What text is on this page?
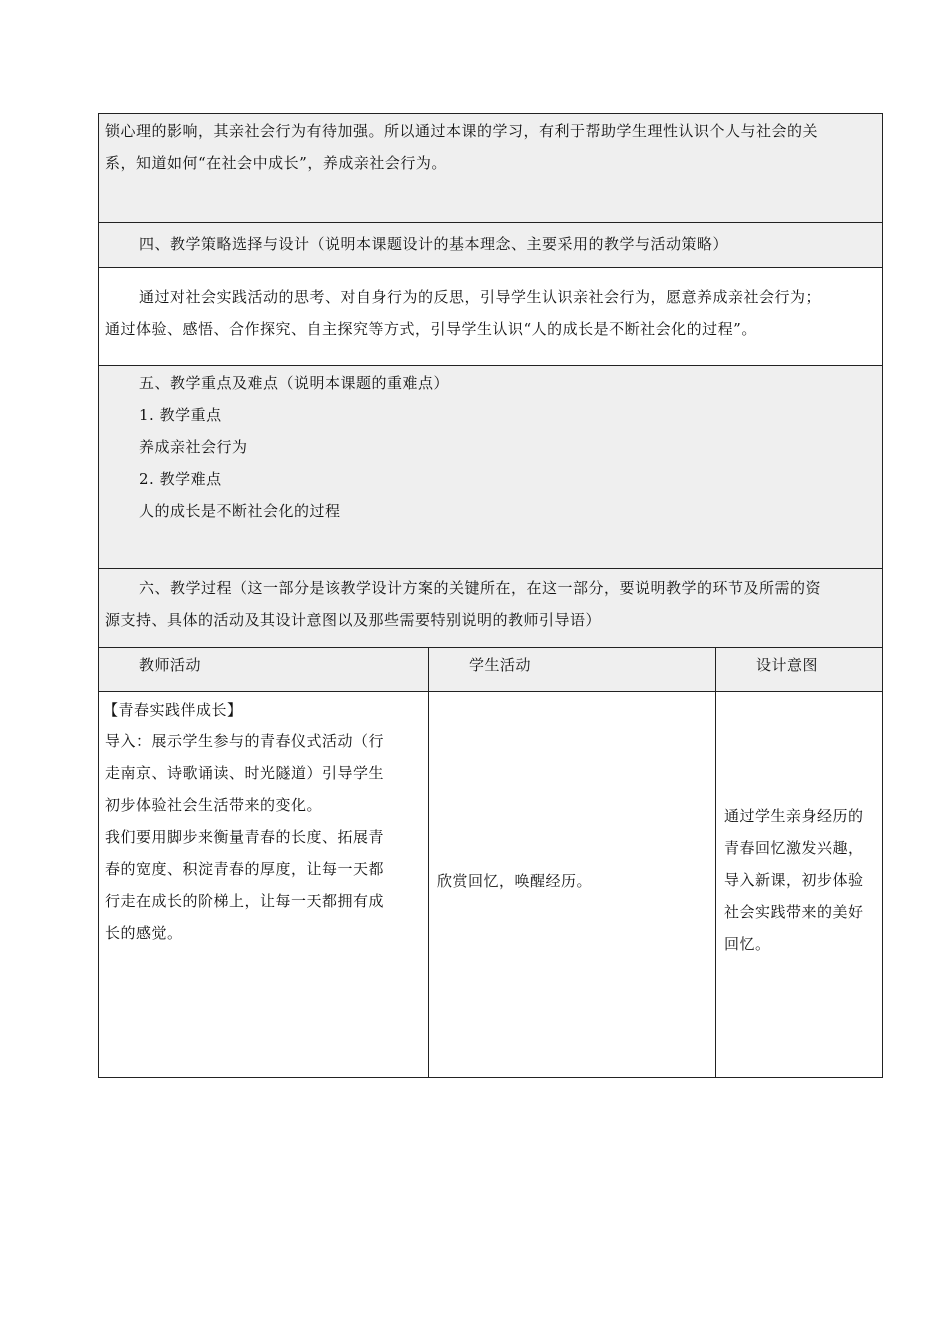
锁心理的影响，其亲社会行为有待加强。所以通过本课的学习，有利于帮助学生理性认识个人与社会的关
系，知道如何“在社会中成长”，养成亲社会行为。
四、教学策略选择与设计（说明本课题设计的基本理念、主要采用的教学与活动策略）
通过对社会实践活动的思考、对自身行为的反思，引导学生认识亲社会行为，愿意养成亲社会行为；
通过体验、感悟、合作探究、自主探究等方式，引导学生认识“人的成长是不断社会化的过程”。
五、教学重点及难点（说明本课题的重难点）
1. 教学重点
养成亲社会行为
2. 教学难点
人的成长是不断社会化的过程
六、教学过程（这一部分是该教学设计方案的关键所在，在这一部分，要说明教学的环节及所需的资
源支持、具体的活动及其设计意图以及那些需要特别说明的教师引导语）
教师活动	学生活动	设计意图
【青春实践伴成长】
导入：展示学生参与的青春仪式活动（行
走南京、诗歌诵读、时光隧道）引导学生
初步体验社会生活带来的变化。
我们要用脚步来衡量青春的长度、拓展青
春的宽度、积淀青春的厚度，让每一天都
行走在成长的阶梯上，让每一天都拥有成
长的感觉。
欣赏回忆，唤醒经历。
通过学生亲身经历的
青春回忆激发兴趣，
导入新课，初步体验
社会实践带来的美好
回忆。
